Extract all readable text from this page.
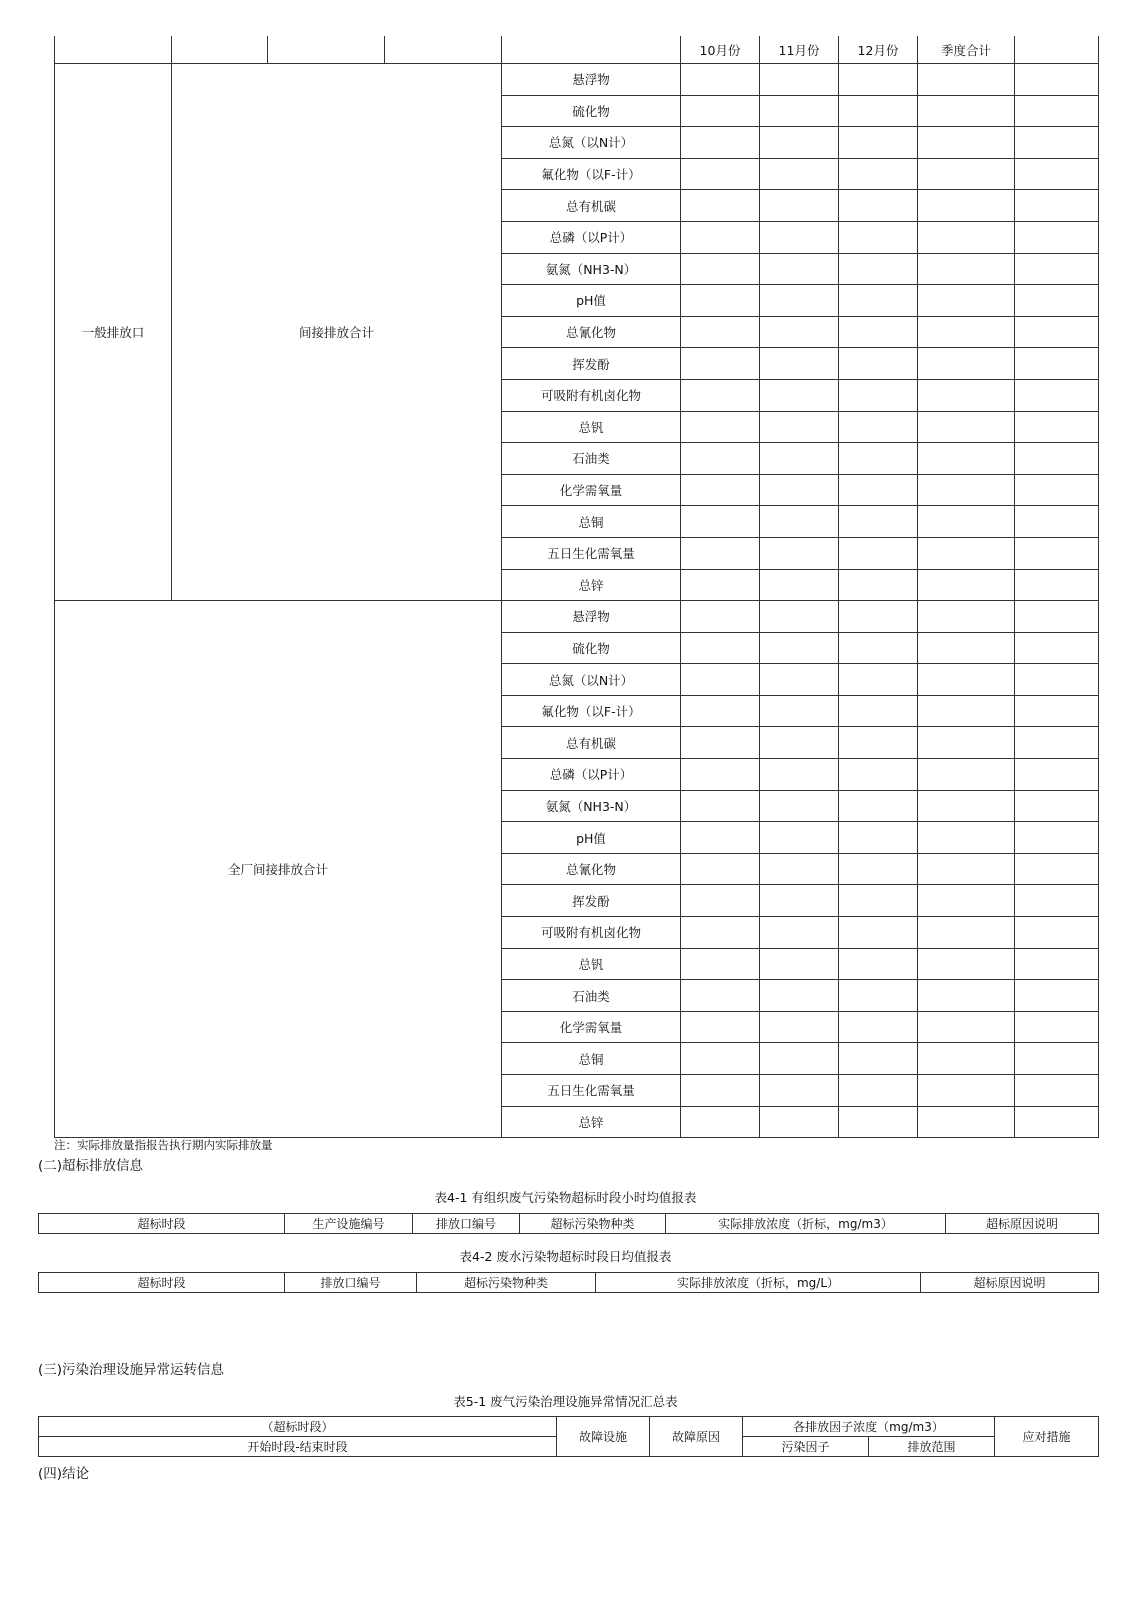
					10月份	11月份	12月份	季度合计	
一般排放口	间接排放合计			悬浮物					
				硫化物					
				总氮（以N计）					
				氟化物（以F-计）					
				总有机碳					
				总磷（以P计）					
				氨氮（NH3-N）					
				pH值					
				总氰化物					
				挥发酚					
				可吸附有机卤化物					
				总钒					
				石油类					
				化学需氧量					
				总铜					
				五日生化需氧量					
				总锌					
全厂间接排放合计				悬浮物					
				硫化物					
				总氮（以N计）					
				氟化物（以F-计）					
				总有机碳					
				总磷（以P计）					
				氨氮（NH3-N）					
				pH值					
				总氰化物					
				挥发酚					
				可吸附有机卤化物					
				总钒					
				石油类					
				化学需氧量					
				总铜					
				五日生化需氧量					
				总锌					
注：实际排放量指报告执行期内实际排放量
(二)超标排放信息
表4-1 有组织废气污染物超标时段小时均值报表
超标时段	生产设施编号	排放口编号	超标污染物种类	实际排放浓度（折标，mg/m3）	超标原因说明
表4-2 废水污染物超标时段日均值报表
超标时段	排放口编号	超标污染物种类	实际排放浓度（折标，mg/L）	超标原因说明
(三)污染治理设施异常运转信息
表5-1 废气污染治理设施异常情况汇总表
（超标时段）	故障设施	故障原因	各排放因子浓度（mg/m3）		应对措施
开始时段-结束时段			污染因子	排放范围	
(四)结论
